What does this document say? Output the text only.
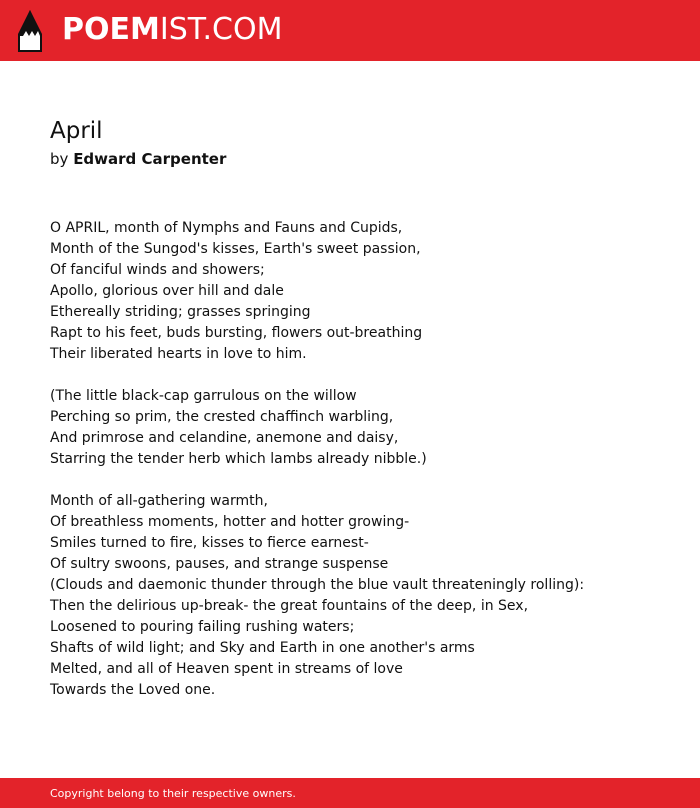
POEMIST.COM
April
by Edward Carpenter
O APRIL, month of Nymphs and Fauns and Cupids,
Month of the Sungod's kisses, Earth's sweet passion,
Of fanciful winds and showers;
Apollo, glorious over hill and dale
Ethereally striding; grasses springing
Rapt to his feet, buds bursting, flowers out-breathing
Their liberated hearts in love to him.
(The little black-cap garrulous on the willow
Perching so prim, the crested chaffinch warbling,
And primrose and celandine, anemone and daisy,
Starring the tender herb which lambs already nibble.)
Month of all-gathering warmth,
Of breathless moments, hotter and hotter growing-
Smiles turned to fire, kisses to fierce earnest-
Of sultry swoons, pauses, and strange suspense
(Clouds and daemonic thunder through the blue vault threateningly rolling):
Then the delirious up-break- the great fountains of the deep, in Sex,
Loosened to pouring failing rushing waters;
Shafts of wild light; and Sky and Earth in one another's arms
Melted, and all of Heaven spent in streams of love
Towards the Loved one.
Copyright belong to their respective owners.
